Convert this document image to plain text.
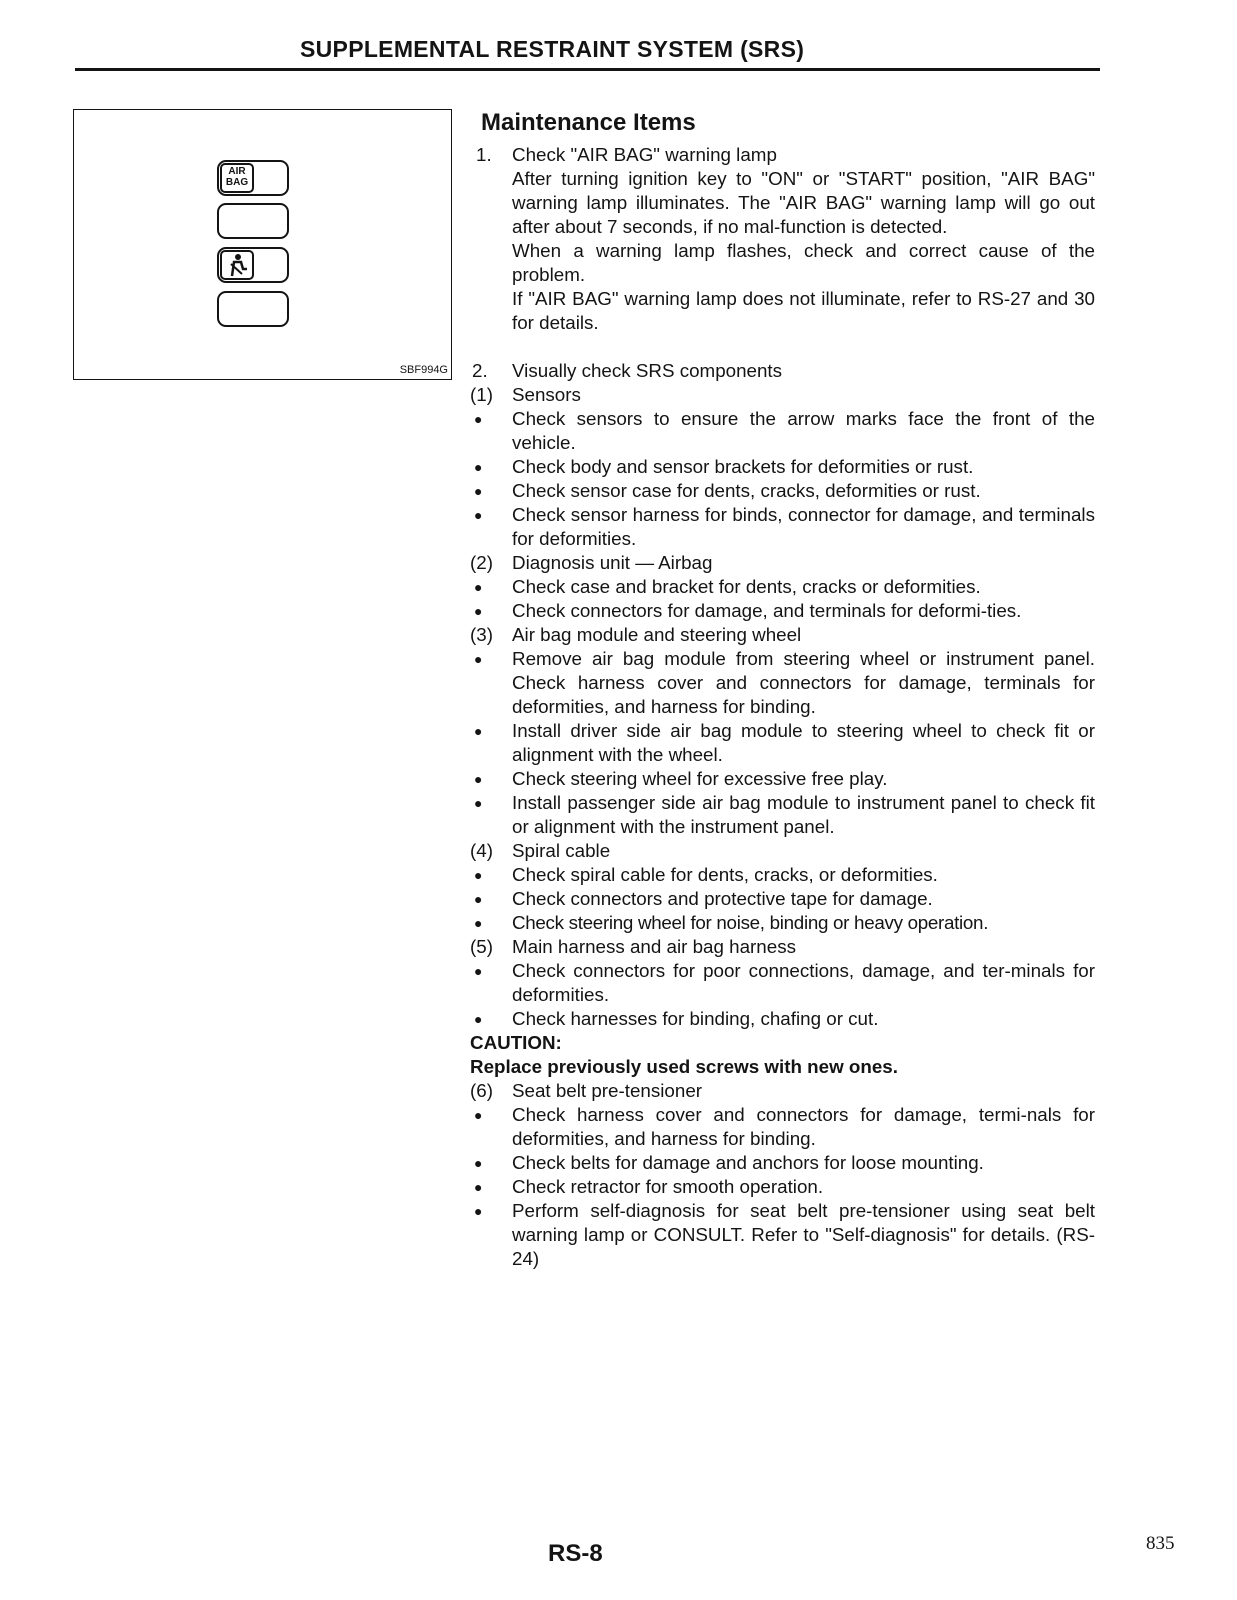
SUPPLEMENTAL RESTRAINT SYSTEM (SRS)
AIR
BAG
SBF994G
Maintenance Items
1. Check "AIR BAG" warning lamp
After turning ignition key to "ON" or "START" position, "AIR BAG" warning lamp illuminates. The "AIR BAG" warning lamp will go out after about 7 seconds, if no mal-function is detected.
When a warning lamp flashes, check and correct cause of the problem.
If "AIR BAG" warning lamp does not illuminate, refer to RS-27 and 30 for details.
2. Visually check SRS components
(1) Sensors
● Check sensors to ensure the arrow marks face the front of the vehicle.
● Check body and sensor brackets for deformities or rust.
● Check sensor case for dents, cracks, deformities or rust.
● Check sensor harness for binds, connector for damage, and terminals for deformities.
(2) Diagnosis unit — Airbag
● Check case and bracket for dents, cracks or deformities.
● Check connectors for damage, and terminals for deformi-ties.
(3) Air bag module and steering wheel
● Remove air bag module from steering wheel or instrument panel. Check harness cover and connectors for damage, terminals for deformities, and harness for binding.
● Install driver side air bag module to steering wheel to check fit or alignment with the wheel.
● Check steering wheel for excessive free play.
● Install passenger side air bag module to instrument panel to check fit or alignment with the instrument panel.
(4) Spiral cable
● Check spiral cable for dents, cracks, or deformities.
● Check connectors and protective tape for damage.
● Check steering wheel for noise, binding or heavy operation.
(5) Main harness and air bag harness
● Check connectors for poor connections, damage, and ter-minals for deformities.
● Check harnesses for binding, chafing or cut.
CAUTION:
Replace previously used screws with new ones.
(6) Seat belt pre-tensioner
● Check harness cover and connectors for damage, termi-nals for deformities, and harness for binding.
● Check belts for damage and anchors for loose mounting.
● Check retractor for smooth operation.
● Perform self-diagnosis for seat belt pre-tensioner using seat belt warning lamp or CONSULT. Refer to "Self-diagnosis" for details. (RS-24)
RS-8	835
